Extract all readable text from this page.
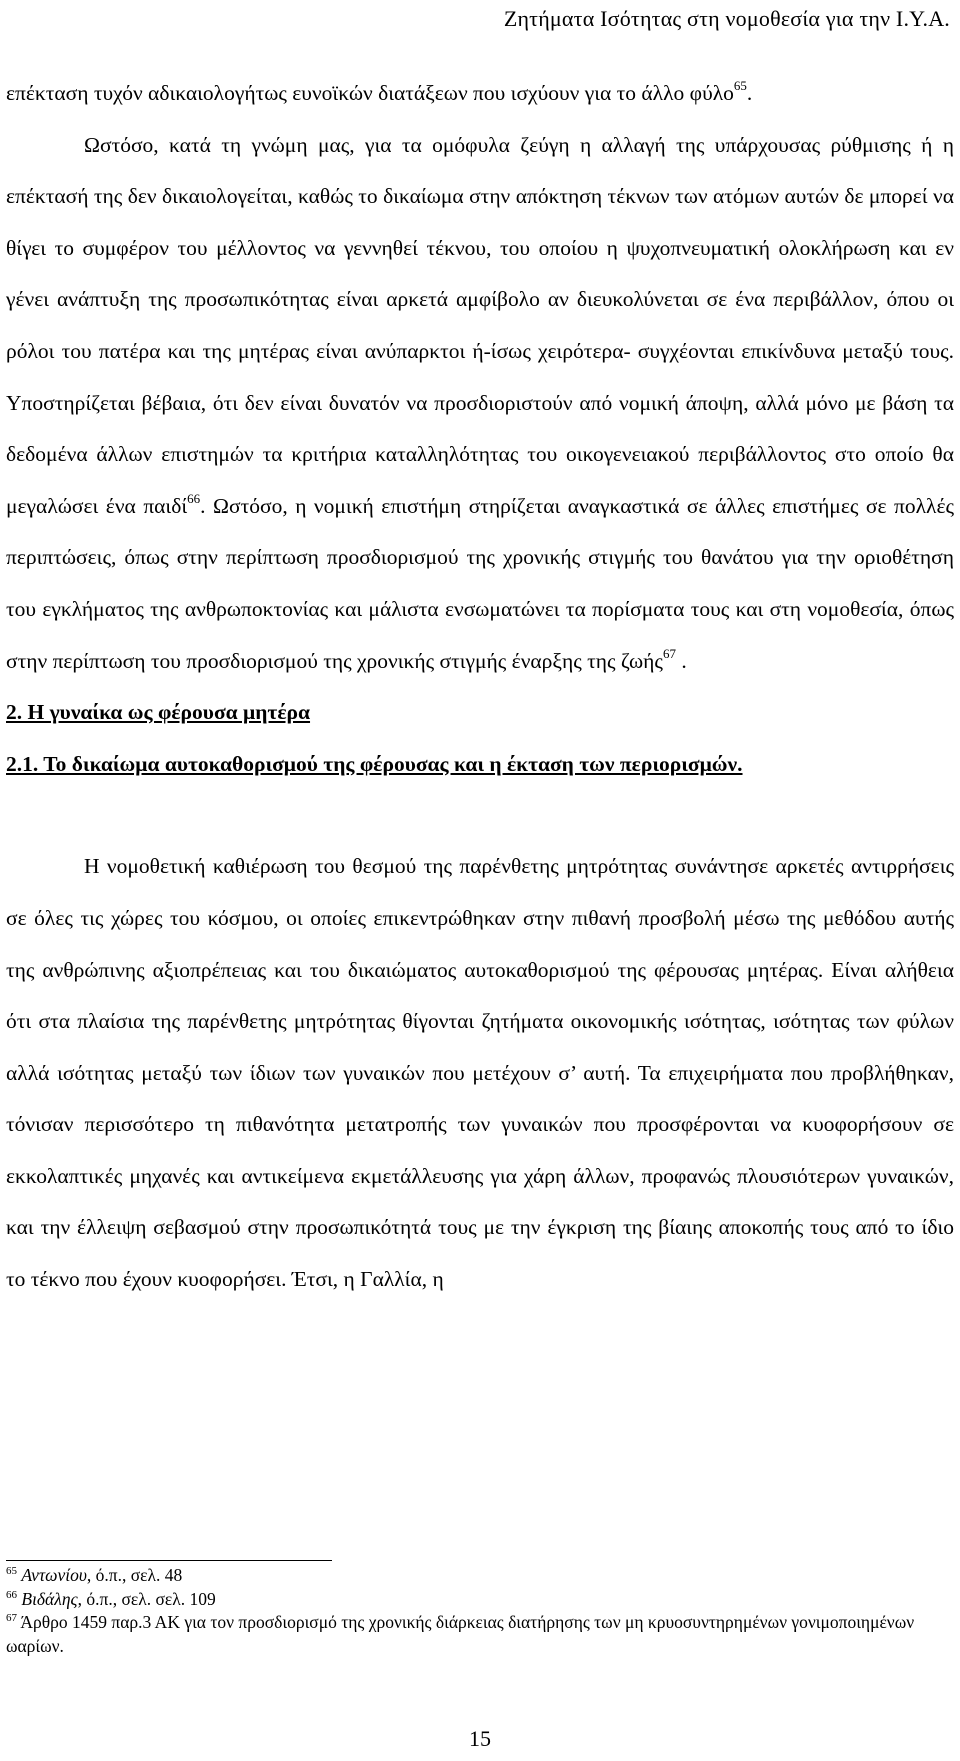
Ζητήματα Ισότητας στη νομοθεσία για την Ι.Υ.Α.

επέκταση τυχόν αδικαιολογήτως ευνοϊκών διατάξεων που ισχύουν για το άλλο φύλο$^{65}$.

Ωστόσο, κατά τη γνώμη μας, για τα ομόφυλα ζεύγη η αλλαγή της υπάρχουσας ρύθμισης ή η επέκτασή της δεν δικαιολογείται, καθώς το δικαίωμα στην απόκτηση τέκνων των ατόμων αυτών δε μπορεί να θίγει το συμφέρον του μέλλοντος να γεννηθεί τέκνου, του οποίου η ψυχοπνευματική ολοκλήρωση και εν γένει ανάπτυξη της προσωπικότητας είναι αρκετά αμφίβολο αν διευκολύνεται σε ένα περιβάλλον, όπου οι ρόλοι του πατέρα και της μητέρας είναι ανύπαρκτοι ή-ίσως χειρότερα- συγχέονται επικίνδυνα μεταξύ τους. Υποστηρίζεται βέβαια, ότι δεν είναι δυνατόν να προσδιοριστούν από νομική άποψη, αλλά μόνο με βάση τα δεδομένα άλλων επιστημών τα κριτήρια καταλληλότητας του οικογενειακού περιβάλλοντος στο οποίο θα μεγαλώσει ένα παιδί$^{66}$. Ωστόσο, η νομική επιστήμη στηρίζεται αναγκαστικά σε άλλες επιστήμες σε πολλές περιπτώσεις, όπως στην περίπτωση προσδιορισμού της χρονικής στιγμής του θανάτου για την οριοθέτηση του εγκλήματος της ανθρωποκτονίας και μάλιστα ενσωματώνει τα πορίσματα τους και στη νομοθεσία, όπως στην περίπτωση του προσδιορισμού της χρονικής στιγμής έναρξης της ζωής$^{67}$ .

2. Η γυναίκα ως φέρουσα μητέρα

2.1. Το δικαίωμα αυτοκαθορισμού της φέρουσας και η έκταση των περιορισμών.

Η νομοθετική καθιέρωση του θεσμού της παρένθετης μητρότητας συνάντησε αρκετές αντιρρήσεις σε όλες τις χώρες του κόσμου, οι οποίες επικεντρώθηκαν στην πιθανή προσβολή μέσω της μεθόδου αυτής της ανθρώπινης αξιοπρέπειας και του δικαιώματος αυτοκαθορισμού της φέρουσας μητέρας. Είναι αλήθεια ότι στα πλαίσια της παρένθετης μητρότητας θίγονται ζητήματα οικονομικής ισότητας, ισότητας των φύλων αλλά ισότητας μεταξύ των ίδιων των γυναικών που μετέχουν σ’ αυτή. Τα επιχειρήματα που προβλήθηκαν, τόνισαν περισσότερο τη πιθανότητα μετατροπής των γυναικών που προσφέρονται να κυοφορήσουν σε εκκολαπτικές μηχανές και αντικείμενα εκμετάλλευσης για χάρη άλλων, προφανώς πλουσιότερων γυναικών, και την έλλειψη σεβασμού στην προσωπικότητά τους με την έγκριση της βίαιης αποκοπής τους από το ίδιο το τέκνο που έχουν κυοφορήσει. Έτσι, η Γαλλία, η

$^{65}$ Αντωνίου, ό.π., σελ. 48

$^{66}$ Βιδάλης, ό.π., σελ. σελ. 109

$^{67}$ Άρθρο 1459 παρ.3 ΑΚ για τον προσδιορισμό της χρονικής διάρκειας διατήρησης των μη κρυοσυντηρημένων γονιμοποιημένων ωαρίων.

15
